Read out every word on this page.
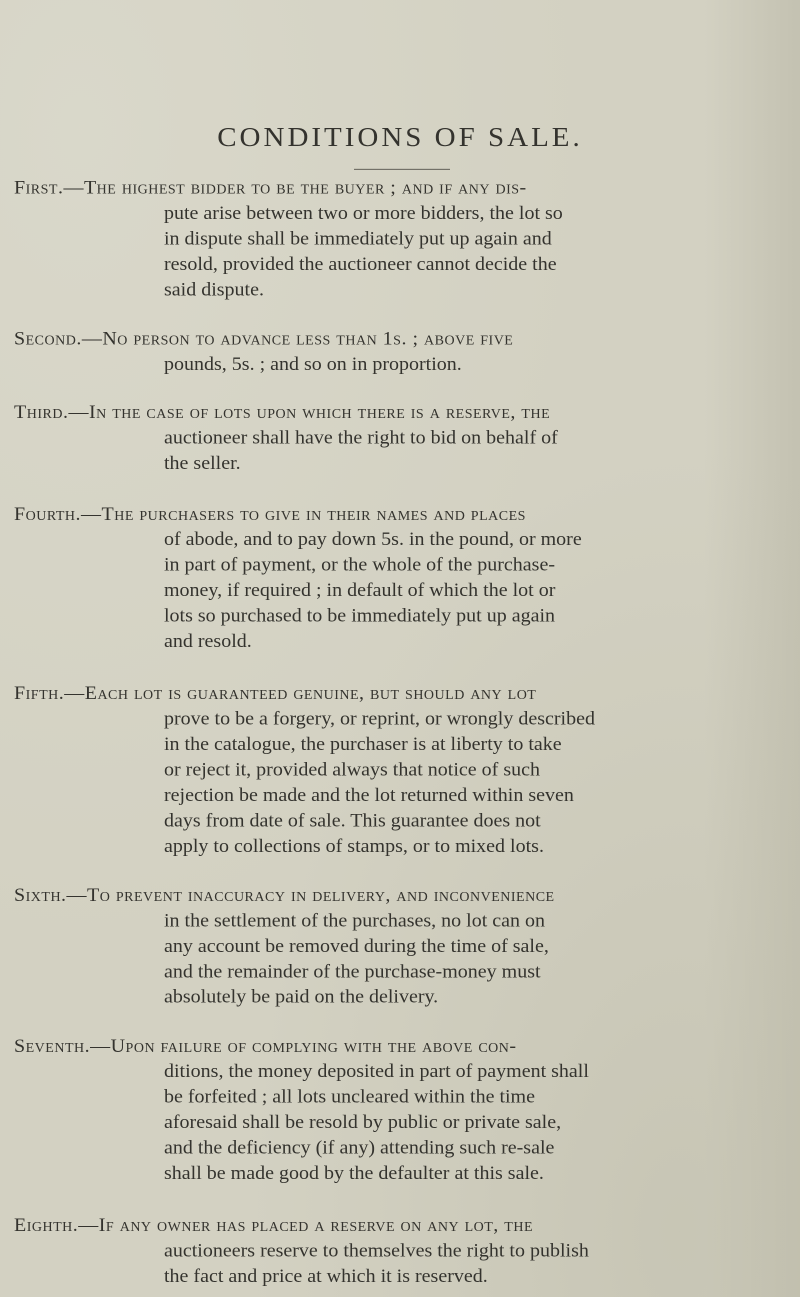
CONDITIONS OF SALE.
First.—The highest bidder to be the buyer ; and if any dis-
pute arise between two or more bidders, the lot so
in dispute shall be immediately put up again and
resold, provided the auctioneer cannot decide the
said dispute.
Second.—No person to advance less than 1s. ; above five
pounds, 5s. ; and so on in proportion.
Third.—In the case of lots upon which there is a reserve, the
auctioneer shall have the right to bid on behalf of
the seller.
Fourth.—The purchasers to give in their names and places
of abode, and to pay down 5s. in the pound, or more
in part of payment, or the whole of the purchase-
money, if required ; in default of which the lot or
lots so purchased to be immediately put up again
and resold.
Fifth.—Each lot is guaranteed genuine, but should any lot
prove to be a forgery, or reprint, or wrongly described
in the catalogue, the purchaser is at liberty to take
or reject it, provided always that notice of such
rejection be made and the lot returned within seven
days from date of sale. This guarantee does not
apply to collections of stamps, or to mixed lots.
Sixth.—To prevent inaccuracy in delivery, and inconvenience
in the settlement of the purchases, no lot can on
any account be removed during the time of sale,
and the remainder of the purchase-money must
absolutely be paid on the delivery.
Seventh.—Upon failure of complying with the above con-
ditions, the money deposited in part of payment shall
be forfeited ; all lots uncleared within the time
aforesaid shall be resold by public or private sale,
and the deficiency (if any) attending such re-sale
shall be made good by the defaulter at this sale.
Eighth.—If any owner has placed a reserve on any lot, the
auctioneers reserve to themselves the right to publish
the fact and price at which it is reserved.
